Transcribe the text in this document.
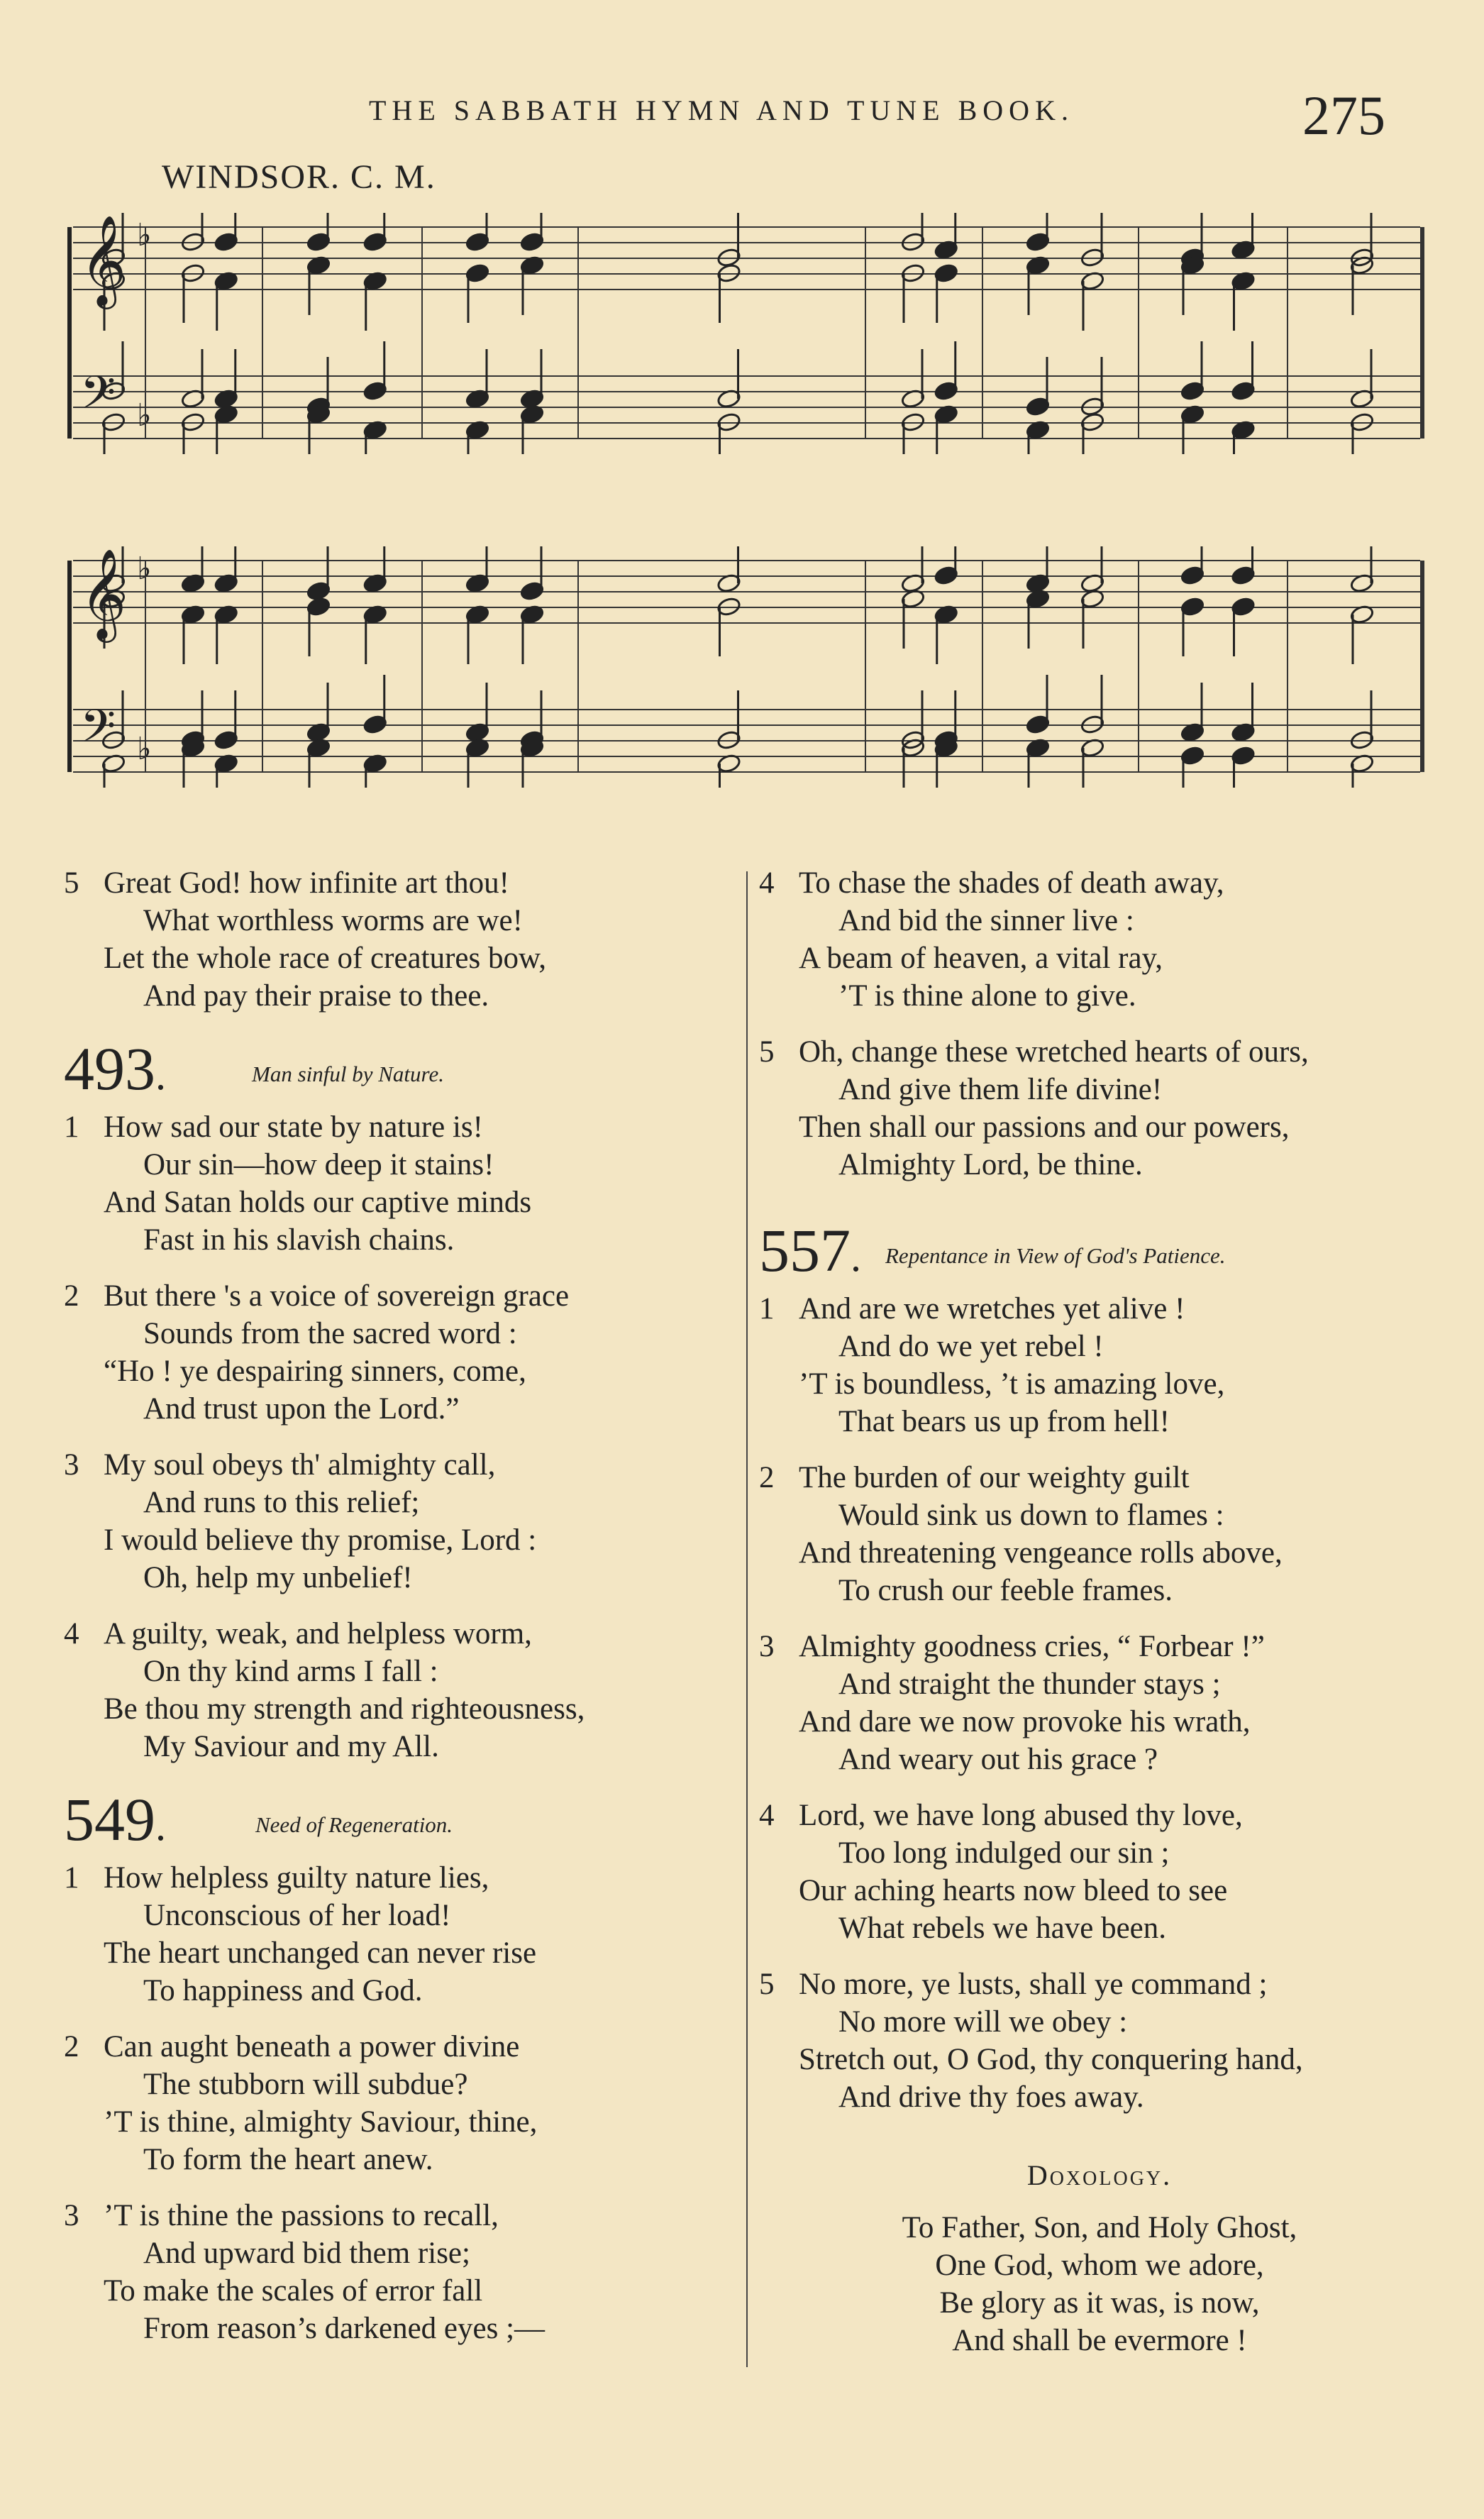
THE SABBATH HYMN AND TUNE BOOK.	275
WINDSOR. C. M.
𝄞 ♭
𝄢 ♭
𝄞 ♭
𝄢 ♭
5 Great God! how infinite art thou!
What worthless worms are we!
Let the whole race of creatures bow,
And pay their praise to thee.
493.	Man sinful by Nature.
1 How sad our state by nature is!
Our sin—how deep it stains!
And Satan holds our captive minds
Fast in his slavish chains.
2 But there 's a voice of sovereign grace
Sounds from the sacred word :
“Ho ! ye despairing sinners, come,
And trust upon the Lord.”
3 My soul obeys th' almighty call,
And runs to this relief;
I would believe thy promise, Lord :
Oh, help my unbelief!
4 A guilty, weak, and helpless worm,
On thy kind arms I fall :
Be thou my strength and righteousness,
My Saviour and my All.
549.	Need of Regeneration.
1 How helpless guilty nature lies,
Unconscious of her load!
The heart unchanged can never rise
To happiness and God.
2 Can aught beneath a power divine
The stubborn will subdue?
’T is thine, almighty Saviour, thine,
To form the heart anew.
3 ’T is thine the passions to recall,
And upward bid them rise;
To make the scales of error fall
From reason’s darkened eyes ;—
4 To chase the shades of death away,
And bid the sinner live :
A beam of heaven, a vital ray,
’T is thine alone to give.
5 Oh, change these wretched hearts of ours,
And give them life divine!
Then shall our passions and our powers,
Almighty Lord, be thine.
557. Repentance in View of God's Patience.
1 And are we wretches yet alive !
And do we yet rebel !
’T is boundless, ’t is amazing love,
That bears us up from hell!
2 The burden of our weighty guilt
Would sink us down to flames :
And threatening vengeance rolls above,
To crush our feeble frames.
3 Almighty goodness cries, “ Forbear !”
And straight the thunder stays ;
And dare we now provoke his wrath,
And weary out his grace ?
4 Lord, we have long abused thy love,
Too long indulged our sin ;
Our aching hearts now bleed to see
What rebels we have been.
5 No more, ye lusts, shall ye command ;
No more will we obey :
Stretch out, O God, thy conquering hand,
And drive thy foes away.
Doxology.
To Father, Son, and Holy Ghost,
One God, whom we adore,
Be glory as it was, is now,
And shall be evermore !
